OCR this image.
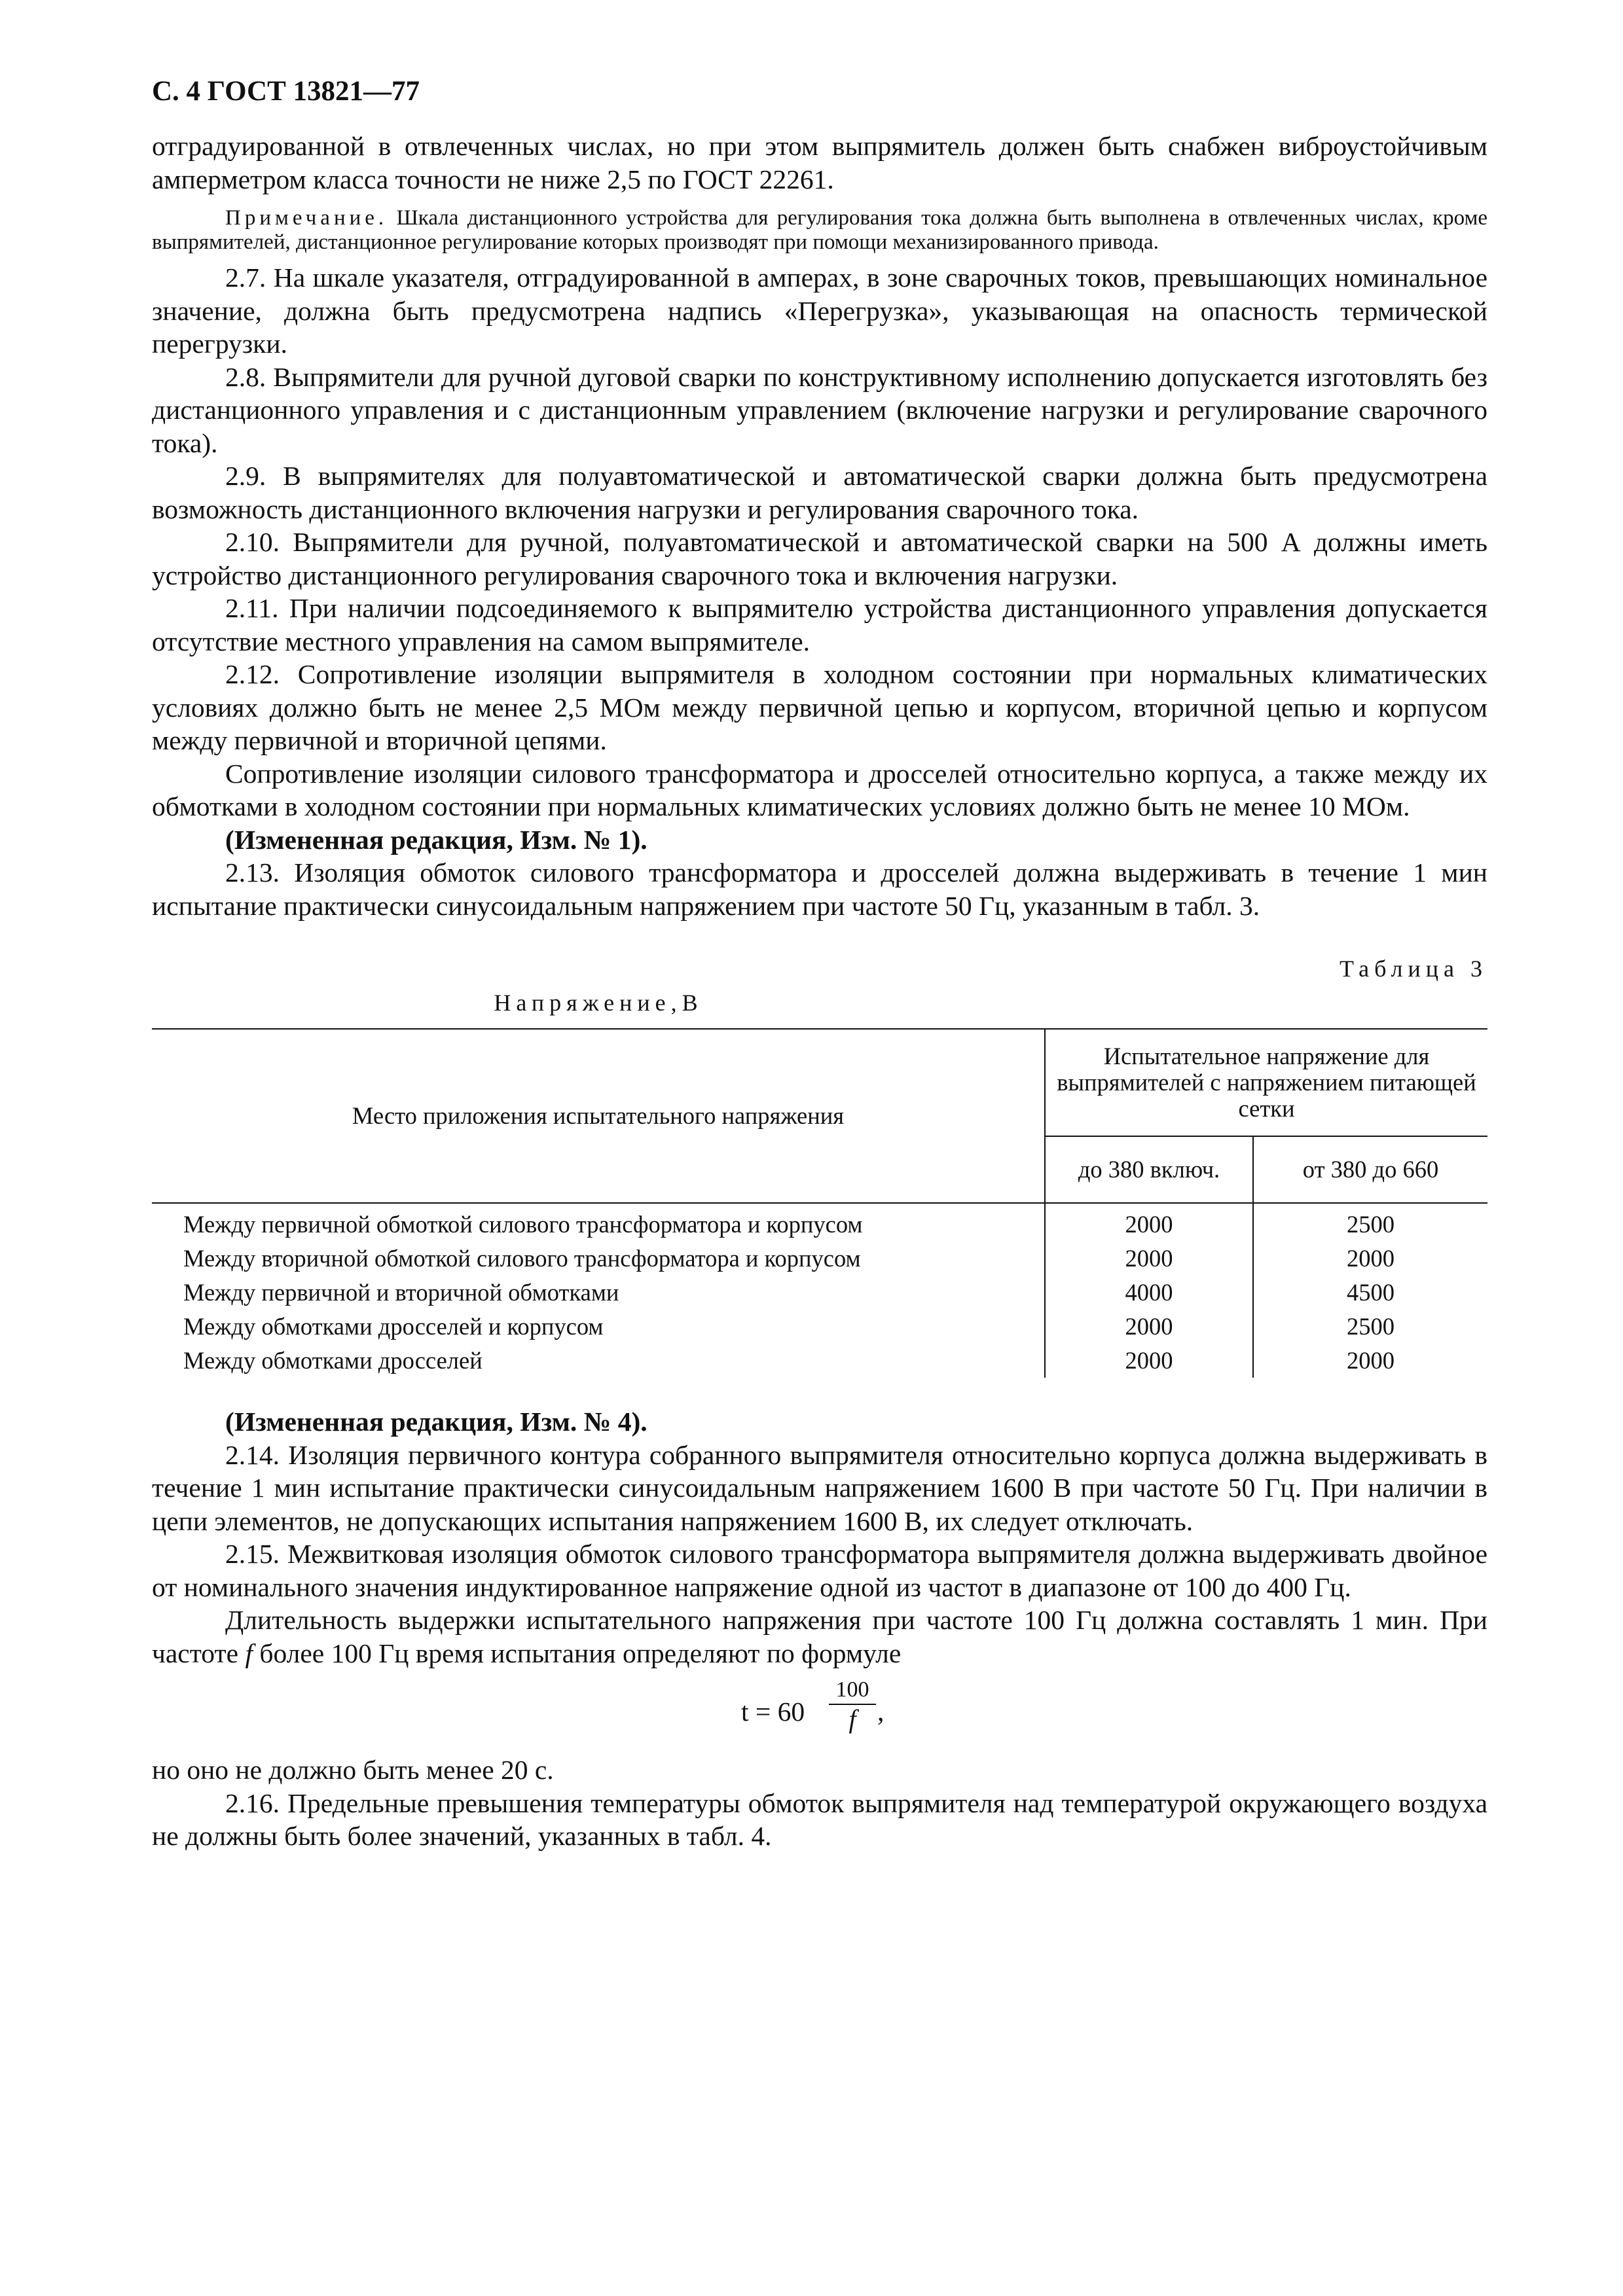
С. 4 ГОСТ 13821—77

отградуированной в отвлеченных числах, но при этом выпрямитель должен быть снабжен виброустойчивым амперметром класса точности не ниже 2,5 по ГОСТ 22261.

Примечание. Шкала дистанционного устройства для регулирования тока должна быть выполнена в отвлеченных числах, кроме выпрямителей, дистанционное регулирование которых производят при помощи механизированного привода.

2.7. На шкале указателя, отградуированной в амперах, в зоне сварочных токов, превышающих номинальное значение, должна быть предусмотрена надпись «Перегрузка», указывающая на опасность термической перегрузки.

2.8. Выпрямители для ручной дуговой сварки по конструктивному исполнению допускается изготовлять без дистанционного управления и с дистанционным управлением (включение нагрузки и регулирование сварочного тока).

2.9. В выпрямителях для полуавтоматической и автоматической сварки должна быть предусмотрена возможность дистанционного включения нагрузки и регулирования сварочного тока.

2.10. Выпрямители для ручной, полуавтоматической и автоматической сварки на 500 А должны иметь устройство дистанционного регулирования сварочного тока и включения нагрузки.

2.11. При наличии подсоединяемого к выпрямителю устройства дистанционного управления допускается отсутствие местного управления на самом выпрямителе.

2.12. Сопротивление изоляции выпрямителя в холодном состоянии при нормальных климатических условиях должно быть не менее 2,5 МОм между первичной цепью и корпусом, вторичной цепью и корпусом между первичной и вторичной цепями.

Сопротивление изоляции силового трансформатора и дросселей относительно корпуса, а также между их обмотками в холодном состоянии при нормальных климатических условиях должно быть не менее 10 МОм.

(Измененная редакция, Изм. № 1).

2.13. Изоляция обмоток силового трансформатора и дросселей должна выдерживать в течение 1 мин испытание практически синусоидальным напряжением при частоте 50 Гц, указанным в табл. 3.

Таблица 3
Напряжение,В
Место приложения испытательного напряжения	Испытательное напряжение для выпрямителей с напряжением питающей сетки	
	до 380 включ.	от 380 до 660
Между первичной обмоткой силового трансформатора и корпусом	2000	2500
Между вторичной обмоткой силового трансформатора и корпусом	2000	2000
Между первичной и вторичной обмотками	4000	4500
Между обмотками дросселей и корпусом	2000	2500
Между обмотками дросселей	2000	2000

(Измененная редакция, Изм. № 4).

2.14. Изоляция первичного контура собранного выпрямителя относительно корпуса должна выдерживать в течение 1 мин испытание практически синусоидальным напряжением 1600 В при частоте 50 Гц. При наличии в цепи элементов, не допускающих испытания напряжением 1600 В, их следует отключать.

2.15. Межвитковая изоляция обмоток силового трансформатора выпрямителя должна выдерживать двойное от номинального значения индуктированное напряжение одной из частот в диапазоне от 100 до 400 Гц.

Длительность выдержки испытательного напряжения при частоте 100 Гц должна составлять 1 мин. При частоте f более 100 Гц время испытания определяют по формуле

t = 60
100
f ,

но оно не должно быть менее 20 с.

2.16. Предельные превышения температуры обмоток выпрямителя над температурой окружающего воздуха не должны быть более значений, указанных в табл. 4.
